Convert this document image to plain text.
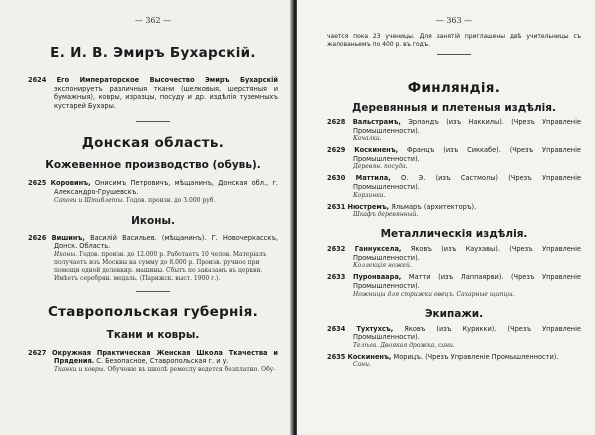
— 362 —
Е. И. В. Эмиръ Бухарскій.

2624 Его Императорское Высочество Эмиръ Бухарскій экспонируетъ различныя ткани (шелковыя, шерстяныя и бумажныя), ковры, изразцы, посуду и др. издѣлія туземныхъ кустарей Бухары.

Донская область.
Кожевенное производство (обувь).

2625 Коровинъ, Онисимъ Петровичъ, мѣщанинъ, Донская обл., г. Александро-Грушевскъ.

Сапоги и Штиблеты. Годов. произв. до 3.000 руб.

Иконы.

2626 Вишинъ, Василій Васильев. (мѣщанинъ). Г. Новочеркасскъ, Донск. Область.

Иконы. Годов. произв. до 12.000 р. Работаетъ 10 челов. Матеріалъ получаетъ изъ Москвы на сумму до 8.000 р. Произв. ручное при помощи одной делевкир. машины. Сбытъ по заказамъ въ церкви. Имѣетъ серебрян. медаль. (Парижск. выст. 1900 г.).

Ставропольская губернія.
Ткани и ковры.

2627 Окружная Практическая Женская Школа Ткачества и Прядения. С. Безопасное, Ставропольская г. и у.

Тканки и ковры. Обученіе въ школѣ ремеслу ведется безплатно. Обу-

— 363 —

чается пока 23 ученицы. Для занятій приглашены двѣ учительницы съ жалованьемъ по 400 р. въ годъ.

Финляндія.
Деревянныя и плетеныя издѣлія.

2628 Вальстрамъ, Эрландъ (изъ Наккилы). (Чрезъ Управленіе Промышленности).

Качалки.

2629 Коскиненъ, Францъ (изъ Сиккабе). (Чрезъ Управленіе Промышленности).

Деревян. посуда.

2630 Маттила, О. Э. (изъ Састмолы) (Чрезъ Управленіе Промышленности).

Корзинки.

2631 Нюстремъ, Яльмаръ (архитекторъ).

Шкафъ деревянный.

Металлическія издѣлія.

2632 Ганнуксела, Яковъ (изъ Каухавы). (Чрезъ Управленіе Промышленности).

Коллекція ножей.

2633 Пуронваара, Матти (изъ Лаппаярви). (Чрезъ Управленіе Промышленности).

Ножницы для стрижки овецъ. Сахарные щипцы.

Экипажи.

2634 Тухтухсъ, Яковъ (изъ Курикки). (Чрезъ Управленіе Промышленности).

Телѣга. Двоякая дрожка, сани.

2635 Коскиненъ, Морицъ. (Чрезъ Управленіе Промышленности).

Сани.
